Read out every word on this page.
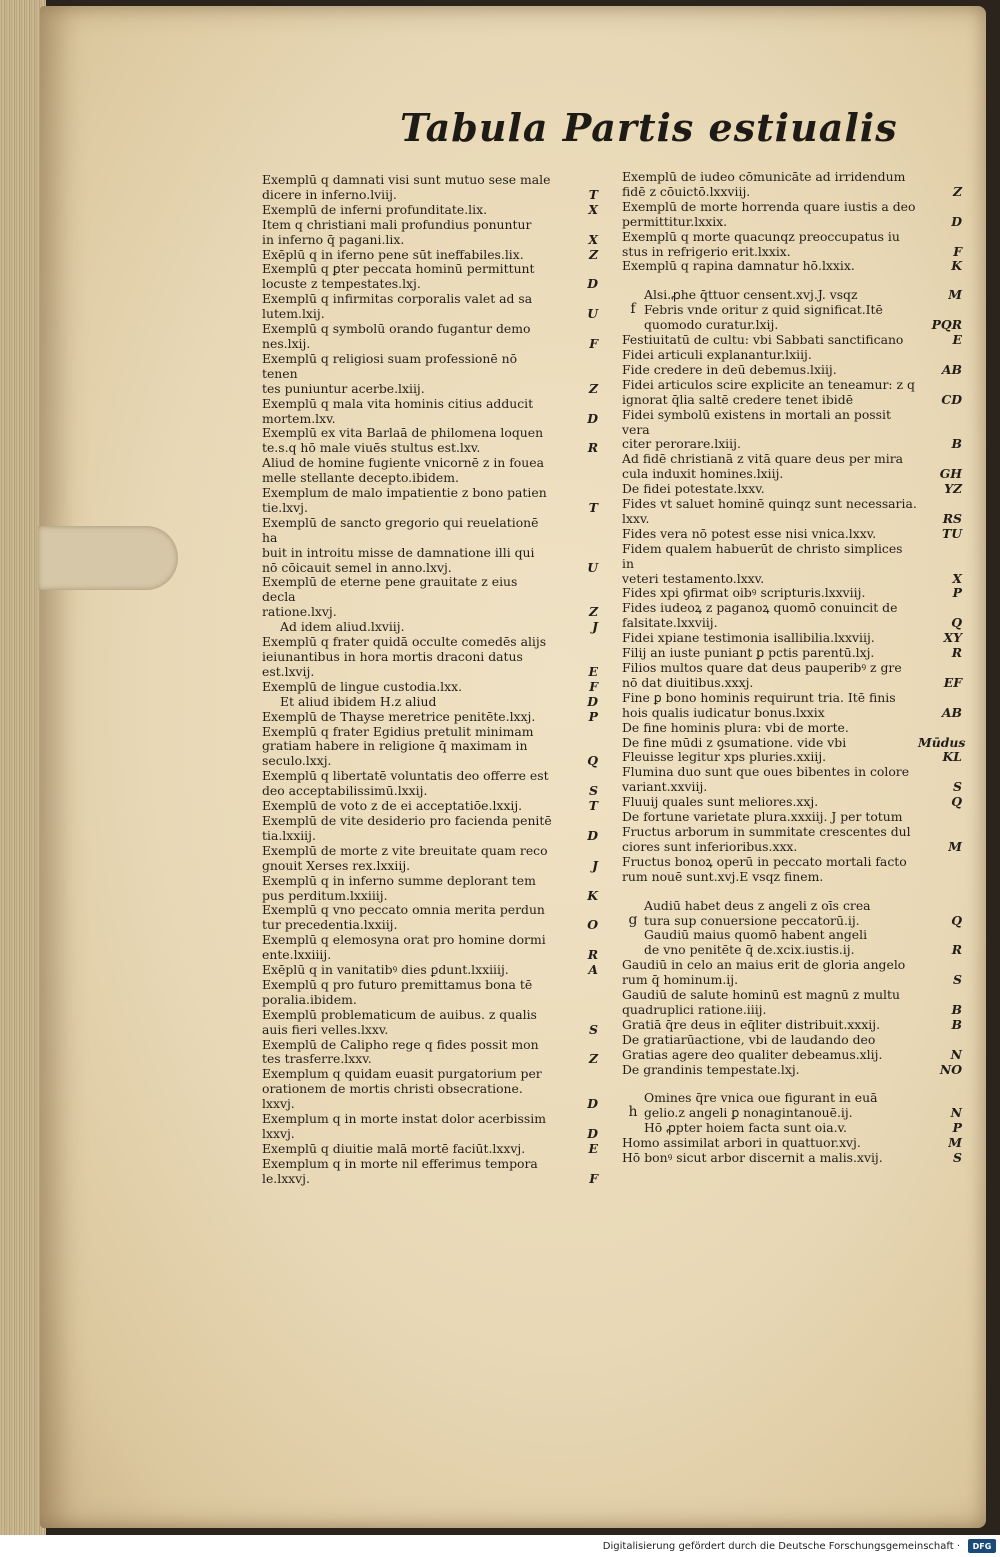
Tabula Partis estiualis
Exemplū q damnati visi sunt mutuo sese male
dicere in inferno.lviij.	T
Exemplū de inferni profunditate.lix.	X
Item q christiani mali profundius ponuntur
in inferno q̄ pagani.lix.	X
Exēplū q in iferno pene sūt ineffabiles.lix.	Z
Exemplū q ꝑter peccata hominū permittunt
locuste z tempestates.lxj.	D
Exemplū q infirmitas corporalis valet ad sa
lutem.lxij.	U
Exemplū q symbolū orando fugantur demo
nes.lxij.	F
Exemplū q religiosi suam professionē nō tenen
tes puniuntur acerbe.lxiij.	Z
Exemplū q mala vita hominis citius adducit
mortem.lxv.	D
Exemplū ex vita Barlaā de philomena loquen
te.s.q hō male viuēs stultus est.lxv.	R
Aliud de homine fugiente vnicornē z in fouea
melle stellante decepto.ibidem.
Exemplum de malo impatientie z bono patien
tie.lxvj.	T
Exemplū de sancto gregorio qui reuelationē ha
buit in introitu misse de damnatione illi qui
nō cōicauit semel in anno.lxvj.	U
Exemplū de eterne pene grauitate z eius decla
ratione.lxvj.	Z
Ad idem aliud.lxviij.	J
Exemplū q frater quidā occulte comedēs alijs
ieiunantibus in hora mortis draconi datus
est.lxvij.	E
Exemplū de lingue custodia.lxx.	F
Et aliud ibidem H.z aliud	D
Exemplū de Thayse meretrice penitēte.lxxj.	P
Exemplū q frater Egidius pretulit minimam
gratiam habere in religione q̄ maximam in
seculo.lxxj.	Q
Exemplū q libertatē voluntatis deo offerre est
deo acceptabilissimū.lxxij.	S
Exemplū de voto z de ei acceptatiōe.lxxij.	T
Exemplū de vite desiderio pro facienda penitē
tia.lxxiij.	D
Exemplū de morte z vite breuitate quam reco
gnouit Xerses rex.lxxiij.	J
Exemplū q in inferno summe deplorant tem
pus perditum.lxxiiij.	K
Exemplū q vno peccato omnia merita perdun
tur precedentia.lxxiij.	O
Exemplū q elemosyna orat pro homine dormi
ente.lxxiiij.	R
Exēplū q in vanitatibꝰ dies ꝑdunt.lxxiiij.	A
Exemplū q pro futuro premittamus bona tē
poralia.ibidem.
Exemplū problematicum de auibus. z qualis
auis fieri velles.lxxv.	S
Exemplū de Calipho rege q fides possit mon
tes trasferre.lxxv.	Z
Exemplum q quidam euasit purgatorium per
orationem de mortis christi obsecratione.
lxxvj.	D
Exemplum q in morte instat dolor acerbissim
lxxvj.	D
Exemplū q diuitie malā mortē faciūt.lxxvj.	E
Exemplum q in morte nil efferimus tempora
le.lxxvj.	F
Exemplū de iudeo cōmunicāte ad irridendum
fidē z cōuictō.lxxviij.	Z
Exemplū de morte horrenda quare iustis a deo
permittitur.lxxix.	D
Exemplū q morte quacunqz preoccupatus iu
stus in refrigerio erit.lxxix.	F
Exemplū q rapina damnatur hō.lxxix.	K
f
Alsi.ꝓhe q̄ttuor censent.xvj.J. vsqz	M
Febris vnde oritur z quid significat.Itē
quomodo curatur.lxij.	PQR
Festiuitatū de cultu: vbi Sabbati sanctificano	E
Fidei articuli explanantur.lxiij.
Fide credere in deū debemus.lxiij.	AB
Fidei articulos scire explicite an teneamur: z q
ignorat q̄lia saltē credere tenet ibidē	CD
Fidei symbolū existens in mortali an possit vera
citer perorare.lxiij.	B
Ad fidē christianā z vitā quare deus per mira
cula induxit homines.lxiij.	GH
De fidei potestate.lxxv.	YZ
Fides vt saluet hominē quinqz sunt necessaria.
lxxv.	RS
Fides vera nō potest esse nisi vnica.lxxv.	TU
Fidem qualem habuerūt de christo simplices in
veteri testamento.lxxv.	X
Fides xpi ꝯfirmat oibꝰ scripturis.lxxviij.	P
Fides iudeoꝝ z paganoꝝ quomō conuincit de
falsitate.lxxviij.	Q
Fidei xpiane testimonia isallibilia.lxxviij.	XY
Filij an iuste puniant ꝑ pctis parentū.lxj.	R
Filios multos quare dat deus pauperibꝰ z gre
nō dat diuitibus.xxxj.	EF
Fine ꝑ bono hominis requirunt tria. Itē finis
hois qualis iudicatur bonus.lxxix	AB
De fine hominis plura: vbi de morte.
De fine mūdi z ꝯsumatione. vide vbi	Mūdus
Fleuisse legitur xps pluries.xxiij.	KL
Flumina duo sunt que oues bibentes in colore
variant.xxviij.	S
Fluuij quales sunt meliores.xxj.	Q
De fortune varietate plura.xxxiij. J per totum
Fructus arborum in summitate crescentes dul
ciores sunt inferioribus.xxx.	M
Fructus bonoꝝ operū in peccato mortali facto
rum nouē sunt.xvj.E vsqz finem.
g
Audiū habet deus z angeli z oīs crea
tura sup conuersione peccatorū.ij.	Q
Gaudiū maius quomō habent angeli
de vno penitēte q̄ de.xcix.iustis.ij.	R
Gaudiū in celo an maius erit de gloria angelo
rum q̄ hominum.ij.	S
Gaudiū de salute hominū est magnū z multu
quadruplici ratione.iiij.	B
Gratiā q̄re deus in eq̄liter distribuit.xxxij.	B
De gratiarūactione, vbi de laudando deo
Gratias agere deo qualiter debeamus.xlij.	N
De grandinis tempestate.lxj.	NO
h
Omines q̄re vnica oue figurant in euā
gelio.z angeli ꝑ nonagintanouē.ij.	N
Hō ꝓpter hoiem facta sunt oia.v.	P
Homo assimilat arbori in quattuor.xvj.	M
Hō bonꝰ sicut arbor discernit a malis.xvij.	S
Digitalisierung gefördert durch die Deutsche Forschungsgemeinschaft ·	DFG
